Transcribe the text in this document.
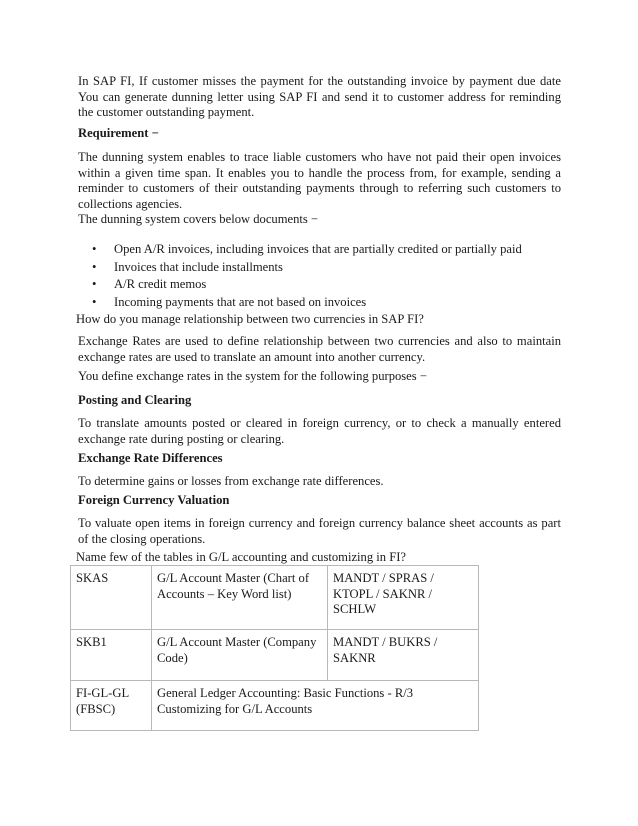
In SAP FI, If customer misses the payment for the outstanding invoice by payment due date You can generate dunning letter using SAP FI and send it to customer address for reminding the customer outstanding payment.

Requirement −

The dunning system enables to trace liable customers who have not paid their open invoices within a given time span. It enables you to handle the process from, for example, sending a reminder to customers of their outstanding payments through to referring such customers to collections agencies.

The dunning system covers below documents −

• Open A/R invoices, including invoices that are partially credited or partially paid
• Invoices that include installments
• A/R credit memos
• Incoming payments that are not based on invoices

How do you manage relationship between two currencies in SAP FI?

Exchange Rates are used to define relationship between two currencies and also to maintain exchange rates are used to translate an amount into another currency.

You define exchange rates in the system for the following purposes −

Posting and Clearing

To translate amounts posted or cleared in foreign currency, or to check a manually entered exchange rate during posting or clearing.

Exchange Rate Differences

To determine gains or losses from exchange rate differences.

Foreign Currency Valuation

To valuate open items in foreign currency and foreign currency balance sheet accounts as part of the closing operations.

Name few of the tables in G/L accounting and customizing in FI?

SKAS	G/L Account Master (Chart of Accounts – Key Word list)	MANDT / SPRAS / KTOPL / SAKNR / SCHLW
SKB1	G/L Account Master (Company Code)	MANDT / BUKRS / SAKNR
FI-GL-GL (FBSC)	General Ledger Accounting: Basic Functions - R/3 Customizing for G/L Accounts	
